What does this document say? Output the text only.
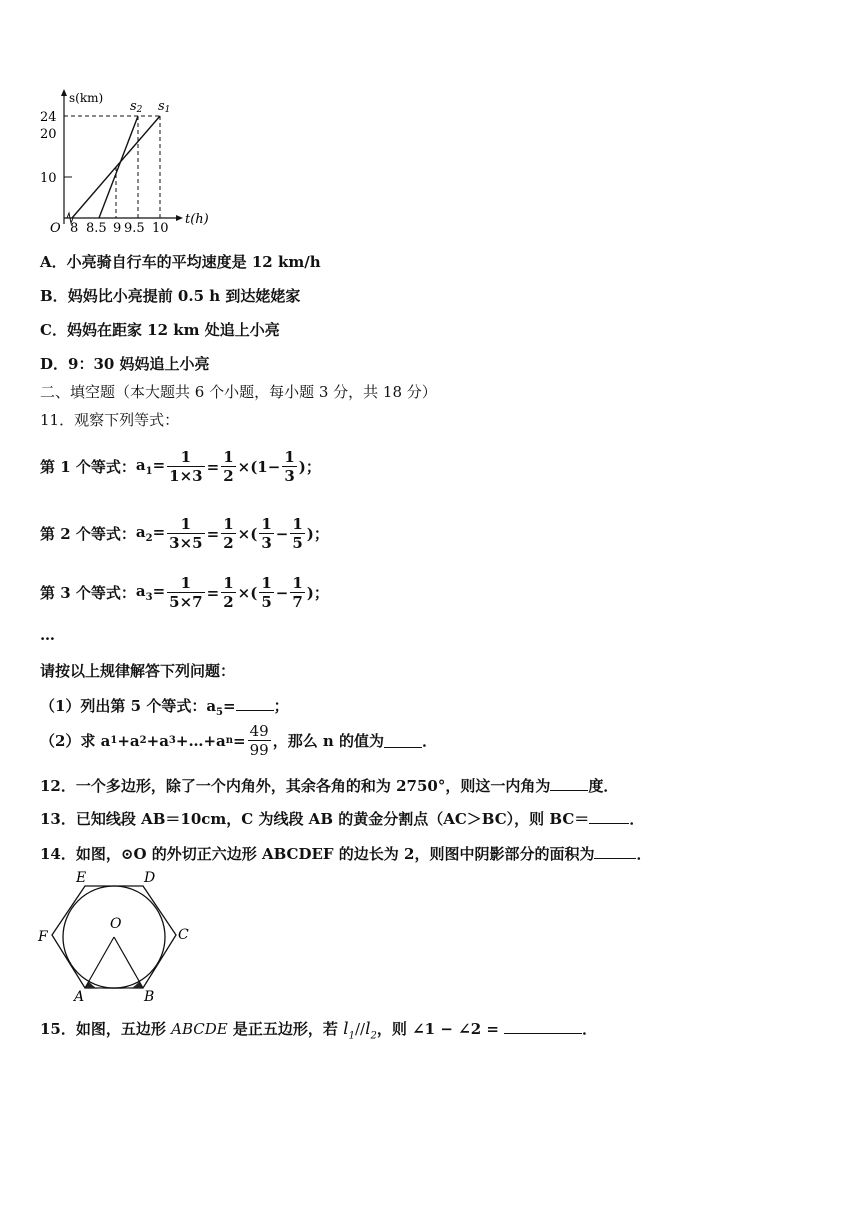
s(km)
s2 s1
24
20
10
O 8 8.5 9 9.5 10
t(h)
A．小亮骑自行车的平均速度是 12 km/h
B．妈妈比小亮提前 0.5 h 到达姥姥家
C．妈妈在距家 12 km 处追上小亮
D．9：30 妈妈追上小亮
二、填空题（本大题共 6 个小题，每小题 3 分，共 18 分）
11．观察下列等式：
第 1 个等式： $a_1= \frac{1}{1\times 3} = \frac{1}{2} \times(1- \frac{1}{3}$ )；
第 2 个等式： $a_2= \frac{1}{3\times 5} = \frac{1}{2}$ ×( $\frac{1}{3} - \frac{1}{5}$ )；
第 3 个等式： $a_3= \frac{1}{5\times 7} = \frac{1}{2}$ ×( $\frac{1}{5} - \frac{1}{7}$ )；
…
请按以上规律解答下列问题：
（1）列出第 5 个等式：$a_5=$	；
（2）求 a 1 +a 2 +a 3 +…+a $n = \frac{49}{99}$ ，那么 n 的值为	．
12．一个多边形，除了一个内角外，其余各角的和为 2750°，则这一内角为	度．
13．已知线段 AB＝10cm，C 为线段 AB 的黄金分割点（AC＞BC），则 BC＝	．
14．如图，⊙O 的外切正六边形 ABCDEF 的边长为 2，则图中阴影部分的面积为	．
E	D
F	C
O
A	B
15．如图，五边形 ABCDE 是正五边形，若 $l_1//l_2$，则 ∠1 − ∠2 =	．
